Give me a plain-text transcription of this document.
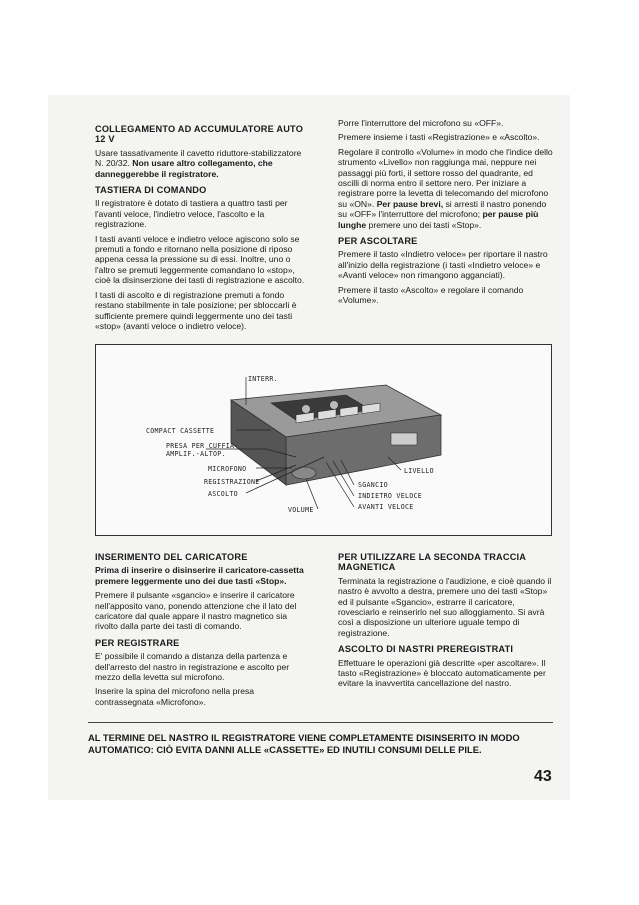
COLLEGAMENTO AD ACCUMULATORE AUTO 12 V

Usare tassativamente il cavetto riduttore-stabilizzatore N. 20/32. Non usare altro collegamento, che danneggerebbe il registratore.

TASTIERA DI COMANDO

Il registratore è dotato di tastiera a quattro tasti per l'avanti veloce, l'indietro veloce, l'ascolto e la registrazione.

I tasti avanti veloce e indietro veloce agiscono solo se premuti a fondo e ritornano nella posizione di riposo appena cessa la pressione su di essi. Inoltre, uno o l'altro se premuti leggermente comandano lo «stop», cioè la disinserzione dei tasti di registrazione e ascolto.

I tasti di ascolto e di registrazione premuti a fondo restano stabilmente in tale posizione; per sbloccarli è sufficiente premere quindi leggermente uno dei tasti «stop» (avanti veloce o indietro veloce).

Porre l'interruttore del microfono su «OFF».

Premere insieme i tasti «Registrazione» e «Ascolto».

Regolare il controllo «Volume» in modo che l'indice dello strumento «Livello» non raggiunga mai, neppure nei passaggi più forti, il settore rosso del quadrante, ed oscilli di norma entro il settore nero. Per iniziare a registrare porre la levetta di telecomando del microfono su «ON». Per pause brevi, si arresti il nastro ponendo su «OFF» l'interruttore del microfono; per pause più lunghe premere uno dei tasti «Stop».

PER ASCOLTARE

Premere il tasto «Indietro veloce» per riportare il nastro all'inizio della registrazione (i tasti «Indietro veloce» e «Avanti veloce» non rimangono agganciati).

Premere il tasto «Ascolto» e regolare il comando «Volume».

INTERR.
COMPACT CASSETTE
PRESA PER CUFFIA-
AMPLIF.-ALTOP.
MICROFONO
REGISTRAZIONE
ASCOLTO
VOLUME
LIVELLO
SGANCIO
INDIETRO VELOCE
AVANTI VELOCE
INSERIMENTO DEL CARICATORE

Prima di inserire o disinserire il caricatore-cassetta premere leggermente uno dei due tasti «Stop».

Premere il pulsante «sgancio» e inserire il caricatore nell'apposito vano, ponendo attenzione che il lato del caricatore dal quale appare il nastro magnetico sia rivolto dalla parte dei tasti di comando.

PER REGISTRARE

E' possibile il comando a distanza della partenza e dell'arresto del nastro in registrazione e ascolto per mezzo della levetta sul microfono.

Inserire la spina del microfono nella presa contrassegnata «Microfono».

PER UTILIZZARE LA SECONDA TRACCIA MAGNETICA

Terminata la registrazione o l'audizione, e cioè quando il nastro è avvolto a destra, premere uno dei tasti «Stop» ed il pulsante «Sgancio», estrarre il caricatore, rovesciarlo e reinserirlo nel suo alloggiamento. Si avrà così a disposizione un ulteriore uguale tempo di registrazione.

ASCOLTO DI NASTRI PREREGISTRATI

Effettuare le operazioni già descritte «per ascoltare». Il tasto «Registrazione» è bloccato automaticamente per evitare la inavvertita cancellazione del nastro.

AL TERMINE DEL NASTRO IL REGISTRATORE VIENE COMPLETAMENTE DISINSERITO IN MODO AUTOMATICO: CIÒ EVITA DANNI ALLE «CASSETTE» ED INUTILI CONSUMI DELLE PILE.
43
